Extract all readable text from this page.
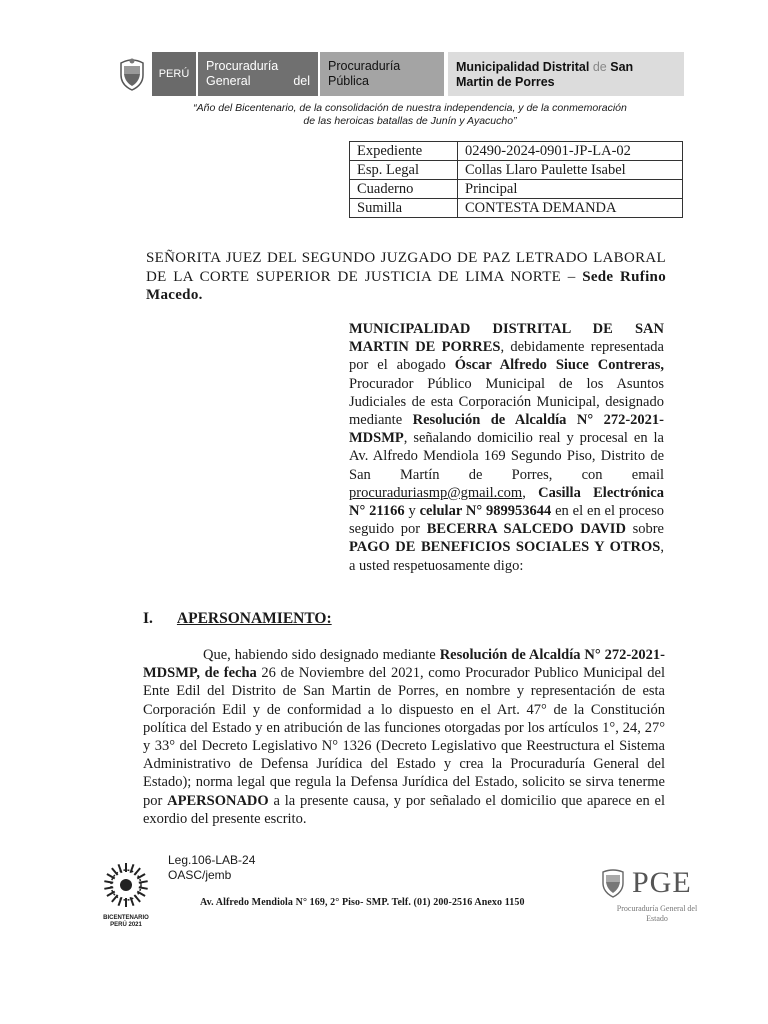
PERÚ
Procuraduría
General	del
Procuraduría
Pública
Municipalidad Distrital de San
Martin de Porres
“Año del Bicentenario, de la consolidación de nuestra independencia, y de la conmemoración
de las heroicas batallas de Junín y Ayacucho”
Expediente	02490-2024-0901-JP-LA-02
Esp. Legal	Collas Llaro Paulette Isabel
Cuaderno	Principal
Sumilla	CONTESTA DEMANDA
SEÑORITA JUEZ DEL SEGUNDO JUZGADO DE PAZ LETRADO LABORAL DE LA CORTE SUPERIOR DE JUSTICIA DE LIMA NORTE – Sede Rufino Macedo.
MUNICIPALIDAD DISTRITAL DE SAN MARTIN DE PORRES, debidamente representada por el abogado Óscar Alfredo Siuce Contreras, Procurador Público Municipal de los Asuntos Judiciales de esta Corporación Municipal, designado mediante Resolución de Alcaldía N° 272-2021-MDSMP, señalando domicilio real y procesal en la Av. Alfredo Mendiola 169 Segundo Piso, Distrito de San Martín de Porres, con email procuraduriasmp@gmail.com, Casilla Electrónica N° 21166 y celular N° 989953644 en el en el proceso seguido por BECERRA SALCEDO DAVID sobre PAGO DE BENEFICIOS SOCIALES Y OTROS, a usted respetuosamente digo:
I. APERSONAMIENTO:
Que, habiendo sido designado mediante Resolución de Alcaldía N° 272-2021-MDSMP, de fecha 26 de Noviembre del 2021, como Procurador Publico Municipal del Ente Edil del Distrito de San Martin de Porres, en nombre y representación de esta Corporación Edil y de conformidad a lo dispuesto en el Art. 47° de la Constitución política del Estado y en atribución de las funciones otorgadas por los artículos 1°, 24, 27° y 33° del Decreto Legislativo N° 1326 (Decreto Legislativo que Reestructura el Sistema Administrativo de Defensa Jurídica del Estado y crea la Procuraduría General del Estado); norma legal que regula la Defensa Jurídica del Estado, solicito se sirva tenerme por APERSONADO a la presente causa, y por señalado el domicilio que aparece en el exordio del presente escrito.
Leg.106-LAB-24
OASC/jemb
BICENTENARIO
PERÚ 2021
Av. Alfredo Mendiola N° 169, 2° Piso- SMP. Telf. (01) 200-2516 Anexo 1150
PGE
Procuraduría General del
Estado
